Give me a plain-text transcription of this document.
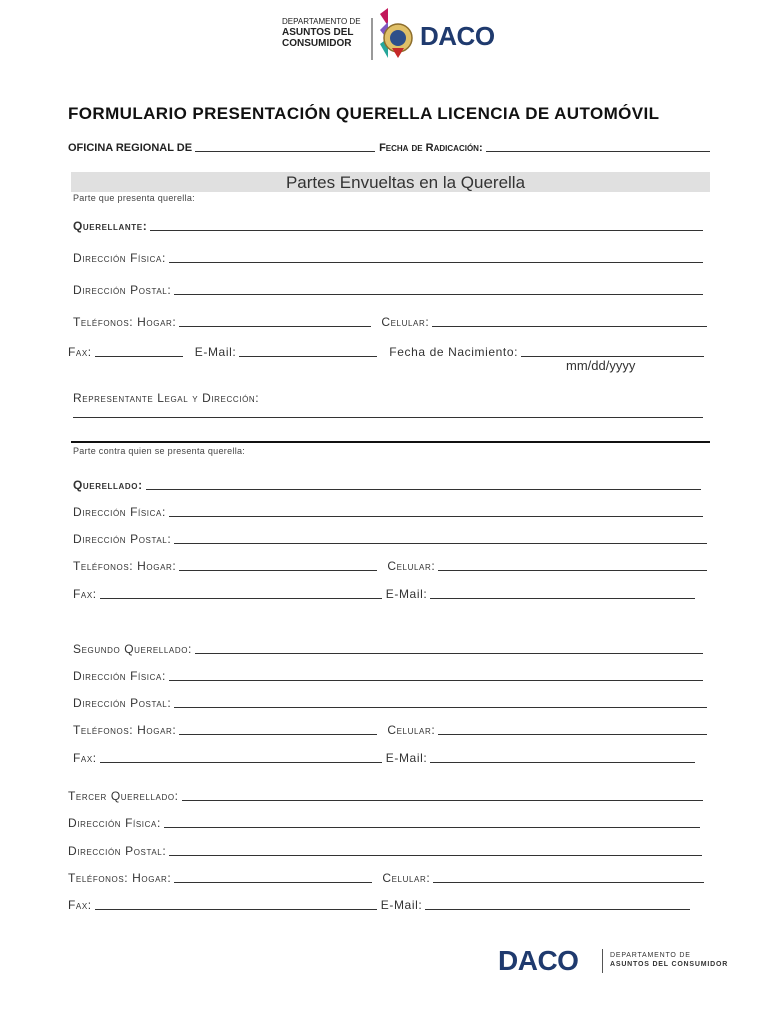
DEPARTAMENTO DE
ASUNTOS DEL
CONSUMIDOR	DACO
FORMULARIO PRESENTACIÓN QUERELLA LICENCIA DE AUTOMÓVIL
OFICINA REGIONAL DE	Fecha de Radicación:
Partes Envueltas en la Querella
Parte que presenta querella:
Querellante:
Dirección Física:
Dirección Postal:
Teléfonos: Hogar:	Celular:
Fax:	E-Mail:	Fecha de Nacimiento:
mm/dd/yyyy
Representante Legal y Dirección:
Parte contra quien se presenta querella:
Querellado:
Dirección Física:
Dirección Postal:
Teléfonos: Hogar:	Celular:
Fax:	E-Mail:
Segundo Querellado:
Dirección Física:
Dirección Postal:
Teléfonos: Hogar:	Celular:
Fax:	E-Mail:
Tercer Querellado:
Dirección Física:
Dirección Postal:
Teléfonos: Hogar:	Celular:
Fax:	E-Mail:
DACO	DEPARTAMENTO DE
ASUNTOS DEL CONSUMIDOR
